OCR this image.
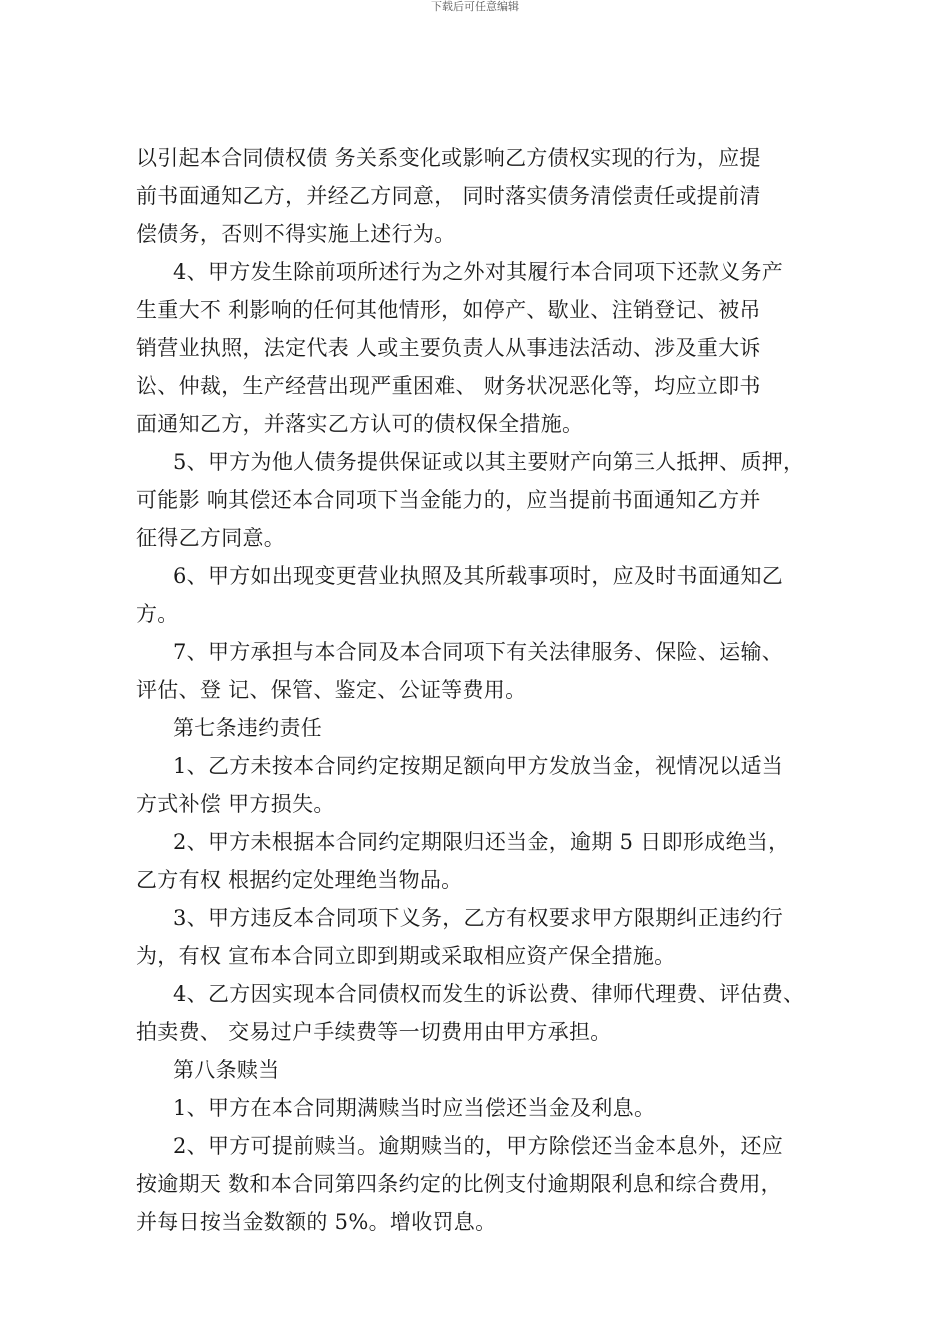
下载后可任意编辑
以引起本合同债权债 务关系变化或影响乙方债权实现的行为，应提
前书面通知乙方，并经乙方同意， 同时落实债务清偿责任或提前清
偿债务，否则不得实施上述行为。
4、甲方发生除前项所述行为之外对其履行本合同项下还款义务产
生重大不 利影响的任何其他情形，如停产、歇业、注销登记、被吊
销营业执照，法定代表 人或主要负责人从事违法活动、涉及重大诉
讼、仲裁，生产经营出现严重困难、 财务状况恶化等，均应立即书
面通知乙方，并落实乙方认可的债权保全措施。
5、甲方为他人债务提供保证或以其主要财产向第三人抵押、质押，
可能影 响其偿还本合同项下当金能力的，应当提前书面通知乙方并
征得乙方同意。
6、甲方如出现变更营业执照及其所载事项时，应及时书面通知乙
方。
7、甲方承担与本合同及本合同项下有关法律服务、保险、运输、
评估、登 记、保管、鉴定、公证等费用。
第七条违约责任
1、乙方未按本合同约定按期足额向甲方发放当金，视情况以适当
方式补偿 甲方损失。
2、甲方未根据本合同约定期限归还当金，逾期 5 日即形成绝当，
乙方有权 根据约定处理绝当物品。
3、甲方违反本合同项下义务，乙方有权要求甲方限期纠正违约行
为，有权 宣布本合同立即到期或采取相应资产保全措施。
4、乙方因实现本合同债权而发生的诉讼费、律师代理费、评估费、
拍卖费、 交易过户手续费等一切费用由甲方承担。
第八条赎当
1、甲方在本合同期满赎当时应当偿还当金及利息。
2、甲方可提前赎当。逾期赎当的，甲方除偿还当金本息外，还应
按逾期天 数和本合同第四条约定的比例支付逾期限利息和综合费用，
并每日按当金数额的 5%。增收罚息。
